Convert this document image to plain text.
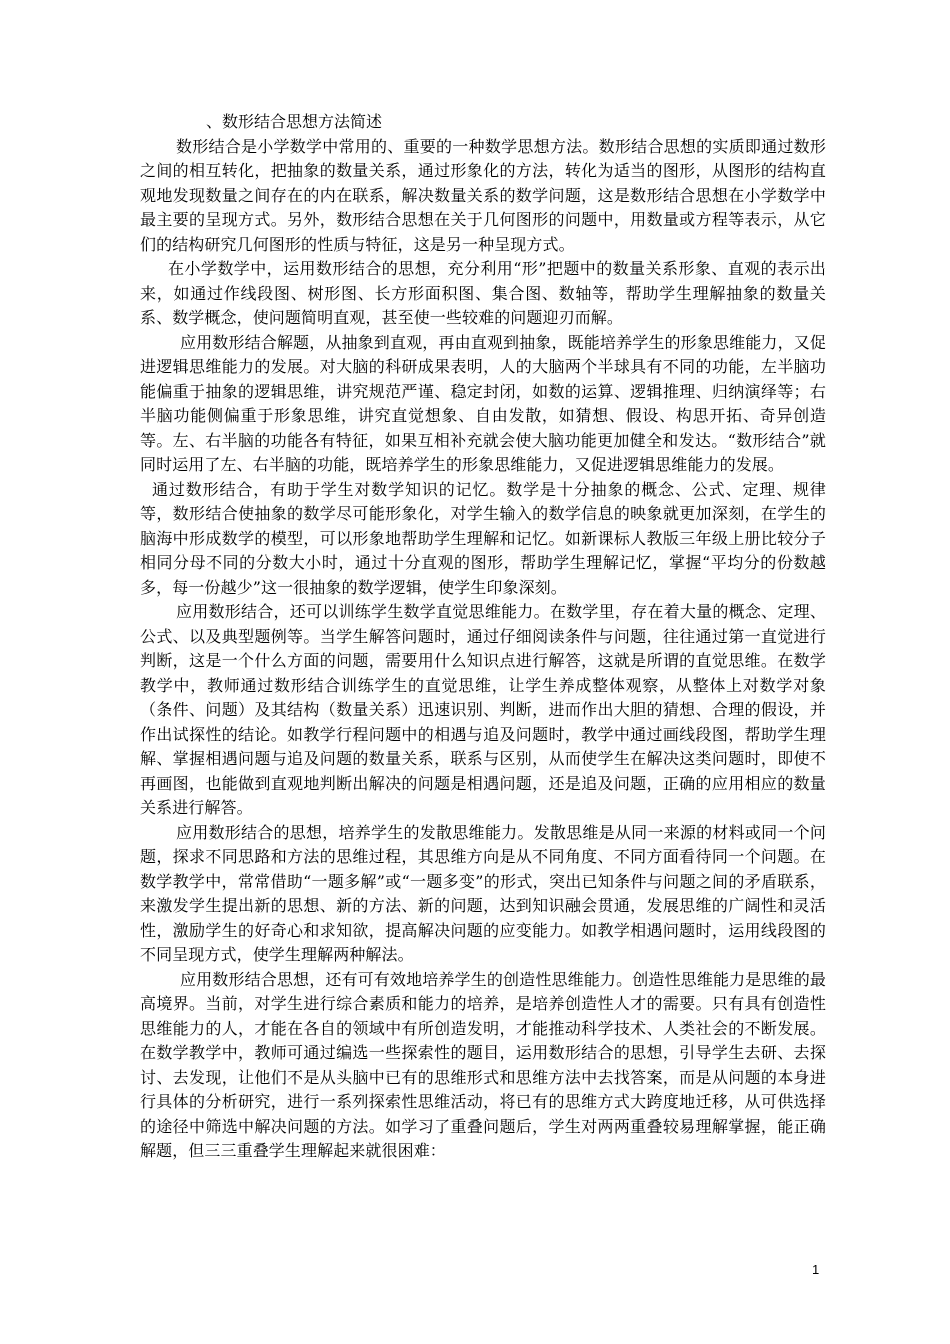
、数形结合思想方法简述

数形结合是小学数学中常用的、重要的一种数学思想方法。数形结合思想的实质即通过数形之间的相互转化，把抽象的数量关系，通过形象化的方法，转化为适当的图形，从图形的结构直观地发现数量之间存在的内在联系，解决数量关系的数学问题，这是数形结合思想在小学数学中最主要的呈现方式。另外，数形结合思想在关于几何图形的问题中，用数量或方程等表示，从它们的结构研究几何图形的性质与特征，这是另一种呈现方式。

在小学数学中，运用数形结合的思想，充分利用“形”把题中的数量关系形象、直观的表示出来，如通过作线段图、树形图、长方形面积图、集合图、数轴等，帮助学生理解抽象的数量关系、数学概念，使问题简明直观，甚至使一些较难的问题迎刃而解。

应用数形结合解题，从抽象到直观，再由直观到抽象，既能培养学生的形象思维能力，又促进逻辑思维能力的发展。对大脑的科研成果表明，人的大脑两个半球具有不同的功能，左半脑功能偏重于抽象的逻辑思维，讲究规范严谨、稳定封闭，如数的运算、逻辑推理、归纳演绎等；右半脑功能侧偏重于形象思维，讲究直觉想象、自由发散，如猜想、假设、构思开拓、奇异创造等。左、右半脑的功能各有特征，如果互相补充就会使大脑功能更加健全和发达。“数形结合”就同时运用了左、右半脑的功能，既培养学生的形象思维能力，又促进逻辑思维能力的发展。

通过数形结合，有助于学生对数学知识的记忆。数学是十分抽象的概念、公式、定理、规律等，数形结合使抽象的数学尽可能形象化，对学生输入的数学信息的映象就更加深刻，在学生的脑海中形成数学的模型，可以形象地帮助学生理解和记忆。如新课标人教版三年级上册比较分子相同分母不同的分数大小时，通过十分直观的图形，帮助学生理解记忆，掌握“平均分的份数越多，每一份越少”这一很抽象的数学逻辑，使学生印象深刻。

应用数形结合，还可以训练学生数学直觉思维能力。在数学里，存在着大量的概念、定理、公式、以及典型题例等。当学生解答问题时，通过仔细阅读条件与问题，往往通过第一直觉进行判断，这是一个什么方面的问题，需要用什么知识点进行解答，这就是所谓的直觉思维。在数学教学中，教师通过数形结合训练学生的直觉思维，让学生养成整体观察，从整体上对数学对象（条件、问题）及其结构（数量关系）迅速识别、判断，进而作出大胆的猜想、合理的假设，并作出试探性的结论。如教学行程问题中的相遇与追及问题时，教学中通过画线段图，帮助学生理解、掌握相遇问题与追及问题的数量关系，联系与区别，从而使学生在解决这类问题时，即使不再画图，也能做到直观地判断出解决的问题是相遇问题，还是追及问题，正确的应用相应的数量关系进行解答。

应用数形结合的思想，培养学生的发散思维能力。发散思维是从同一来源的材料或同一个问题，探求不同思路和方法的思维过程，其思维方向是从不同角度、不同方面看待同一个问题。在数学教学中，常常借助“一题多解”或“一题多变”的形式，突出已知条件与问题之间的矛盾联系，来激发学生提出新的思想、新的方法、新的问题，达到知识融会贯通，发展思维的广阔性和灵活性，激励学生的好奇心和求知欲，提高解决问题的应变能力。如教学相遇问题时，运用线段图的不同呈现方式，使学生理解两种解法。

应用数形结合思想，还有可有效地培养学生的创造性思维能力。创造性思维能力是思维的最高境界。当前，对学生进行综合素质和能力的培养，是培养创造性人才的需要。只有具有创造性思维能力的人，才能在各自的领域中有所创造发明，才能推动科学技术、人类社会的不断发展。在数学教学中，教师可通过编选一些探索性的题目，运用数形结合的思想，引导学生去研、去探讨、去发现，让他们不是从头脑中已有的思维形式和思维方法中去找答案，而是从问题的本身进行具体的分析研究，进行一系列探索性思维活动，将已有的思维方式大跨度地迁移，从可供选择的途径中筛选中解决问题的方法。如学习了重叠问题后，学生对两两重叠较易理解掌握，能正确解题，但三三重叠学生理解起来就很困难：

1
